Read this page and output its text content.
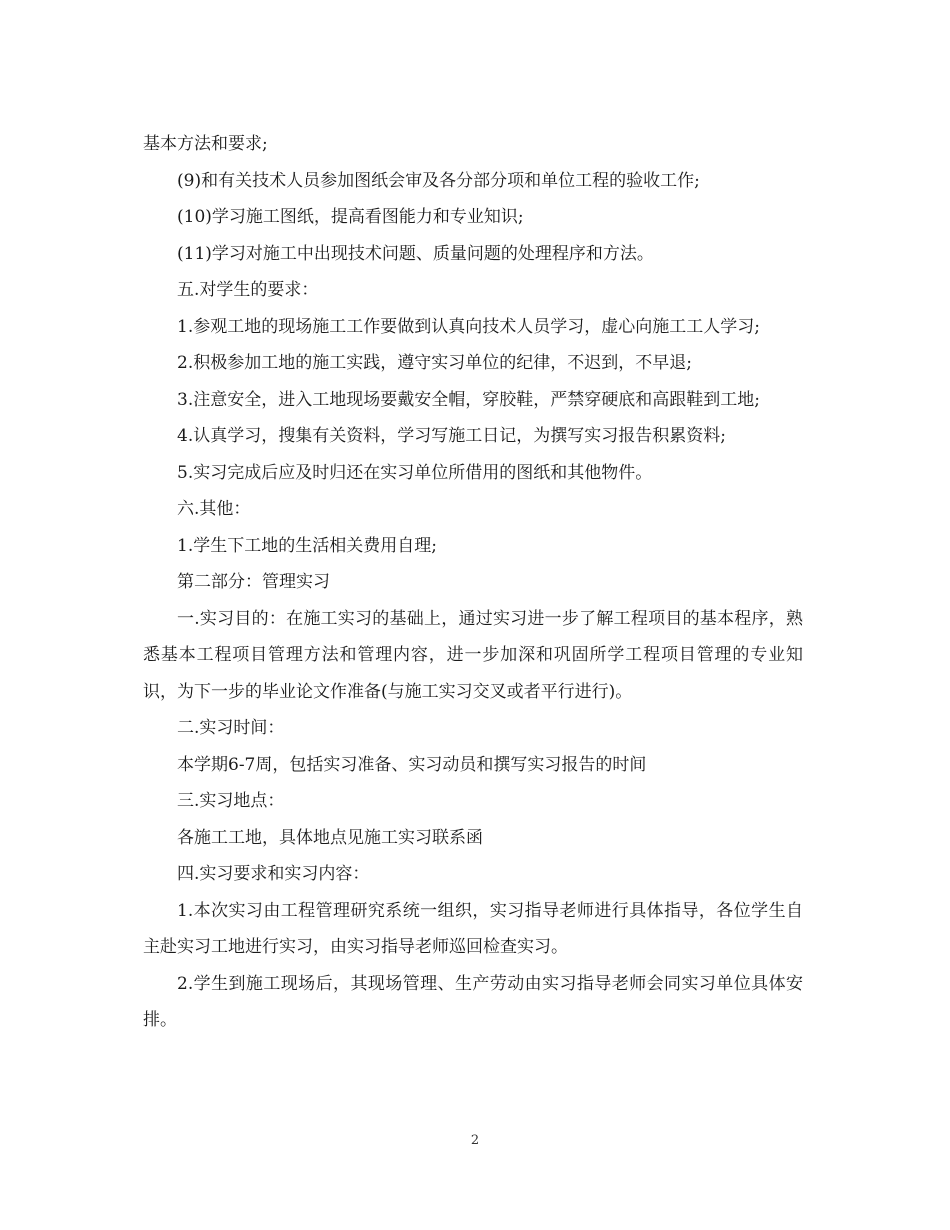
基本方法和要求;

(9)和有关技术人员参加图纸会审及各分部分项和单位工程的验收工作;

(10)学习施工图纸，提高看图能力和专业知识;

(11)学习对施工中出现技术问题、质量问题的处理程序和方法。

五.对学生的要求：

1.参观工地的现场施工工作要做到认真向技术人员学习，虚心向施工工人学习;

2.积极参加工地的施工实践，遵守实习单位的纪律，不迟到，不早退;

3.注意安全，进入工地现场要戴安全帽，穿胶鞋，严禁穿硬底和高跟鞋到工地;

4.认真学习，搜集有关资料，学习写施工日记，为撰写实习报告积累资料;

5.实习完成后应及时归还在实习单位所借用的图纸和其他物件。

六.其他：

1.学生下工地的生活相关费用自理;

第二部分：管理实习

一.实习目的：在施工实习的基础上，通过实习进一步了解工程项目的基本程序，熟悉基本工程项目管理方法和管理内容，进一步加深和巩固所学工程项目管理的专业知识，为下一步的毕业论文作准备(与施工实习交叉或者平行进行)。

二.实习时间：

本学期6-7周，包括实习准备、实习动员和撰写实习报告的时间

三.实习地点：

各施工工地，具体地点见施工实习联系函

四.实习要求和实习内容：

1.本次实习由工程管理研究系统一组织，实习指导老师进行具体指导，各位学生自主赴实习工地进行实习，由实习指导老师巡回检查实习。

2.学生到施工现场后，其现场管理、生产劳动由实习指导老师会同实习单位具体安排。

2
